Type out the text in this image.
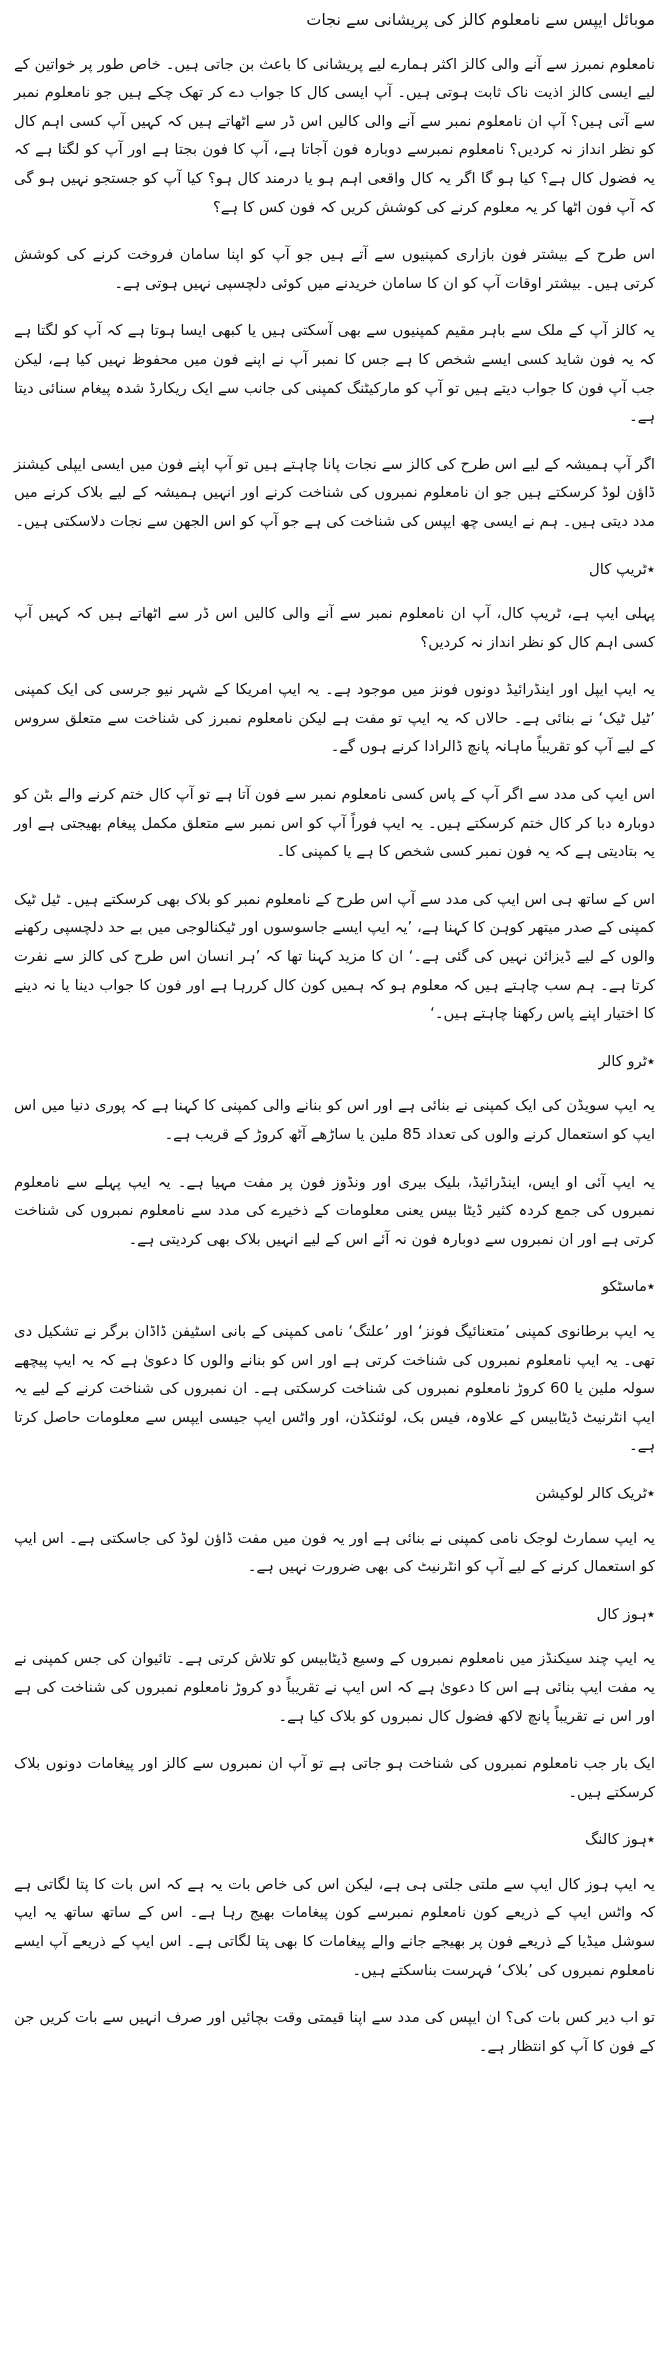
موبائل ایپس سے نامعلوم کالز کی پریشانی سے نجات
نامعلوم نمبرز سے آنے والی کالز اکثر ہمارے لیے پریشانی کا باعث بن جاتی ہیں۔ خاص طور پر خواتین کے لیے ایسی کالز اذیت ناک ثابت ہوتی ہیں۔ آپ ایسی کال کا جواب دے کر تھک چکے ہیں جو نامعلوم نمبر سے آتی ہیں؟ آپ ان نامعلوم نمبر سے آنے والی کالیں اس ڈر سے اٹھاتے ہیں کہ کہیں آپ کسی اہم کال کو نظر انداز نہ کردیں؟ نامعلوم نمبرسے دوبارہ فون آجاتا ہے، آپ کا فون بجتا ہے اور آپ کو لگتا ہے کہ یہ فضول کال ہے؟ کیا ہو گا اگر یہ کال واقعی اہم ہو یا درمند کال ہو؟ کیا آپ کو جستجو نہیں ہو گی کہ آپ فون اٹھا کر یہ معلوم کرنے کی کوشش کریں کہ فون کس کا ہے؟
اس طرح کے بیشتر فون بازاری کمپنیوں سے آتے ہیں جو آپ کو اپنا سامان فروخت کرنے کی کوشش کرتی ہیں۔ بیشتر اوقات آپ کو ان کا سامان خریدنے میں کوئی دلچسپی نہیں ہوتی ہے۔
یہ کالز آپ کے ملک سے باہر مقیم کمپنیوں سے بھی آسکتی ہیں یا کبھی ایسا ہوتا ہے کہ آپ کو لگتا ہے کہ یہ فون شاید کسی ایسے شخص کا ہے جس کا نمبر آپ نے اپنے فون میں محفوظ نہیں کیا ہے، لیکن جب آپ فون کا جواب دیتے ہیں تو آپ کو مارکیٹنگ کمپنی کی جانب سے ایک ریکارڈ شدہ پیغام سنائی دیتا ہے۔
اگر آپ ہمیشہ کے لیے اس طرح کی کالز سے نجات پانا چاہتے ہیں تو آپ اپنے فون میں ایسی ایپلی کیشنز ڈاؤن لوڈ کرسکتے ہیں جو ان نامعلوم نمبروں کی شناخت کرنے اور انہیں ہمیشہ کے لیے بلاک کرنے میں مدد دیتی ہیں۔ ہم نے ایسی چھ ایپس کی شناخت کی ہے جو آپ کو اس الجھن سے نجات دلاسکتی ہیں۔
٭ٹریپ کال
پہلی ایپ ہے، ٹریپ کال، آپ ان نامعلوم نمبر سے آنے والی کالیں اس ڈر سے اٹھاتے ہیں کہ کہیں آپ کسی اہم کال کو نظر انداز نہ کردیں؟
یہ ایپ ایپل اور اینڈرائیڈ دونوں فونز میں موجود ہے۔ یہ ایپ امریکا کے شہر نیو جرسی کی ایک کمپنی ’ٹیل ٹیک‘ نے بنائی ہے۔ حالاں کہ یہ ایپ تو مفت ہے لیکن نامعلوم نمبرز کی شناخت سے متعلق سروس کے لیے آپ کو تقریباً ماہانہ پانچ ڈالرادا کرنے ہوں گے۔
اس ایپ کی مدد سے اگر آپ کے پاس کسی نامعلوم نمبر سے فون آتا ہے تو آپ کال ختم کرنے والے بٹن کو دوبارہ دبا کر کال ختم کرسکتے ہیں۔ یہ ایپ فوراً آپ کو اس نمبر سے متعلق مکمل پیغام بھیجتی ہے اور یہ بتادیتی ہے کہ یہ فون نمبر کسی شخص کا ہے یا کمپنی کا۔
اس کے ساتھ ہی اس ایپ کی مدد سے آپ اس طرح کے نامعلوم نمبر کو بلاک بھی کرسکتے ہیں۔ ٹیل ٹیک کمپنی کے صدر میتھر کوہن کا کہنا ہے، ’یہ ایپ ایسے جاسوسوں اور ٹیکنالوجی میں بے حد دلچسپی رکھنے والوں کے لیے ڈیزائن نہیں کی گئی ہے۔‘ ان کا مزید کہنا تھا کہ ’ہر انسان اس طرح کی کالز سے نفرت کرتا ہے۔ ہم سب چاہتے ہیں کہ معلوم ہو کہ ہمیں کون کال کررہا ہے اور فون کا جواب دینا یا نہ دینے کا اختیار اپنے پاس رکھنا چاہتے ہیں۔‘
٭ٹرو کالر
یہ ایپ سویڈن کی ایک کمپنی نے بنائی ہے اور اس کو بنانے والی کمپنی کا کہنا ہے کہ پوری دنیا میں اس ایپ کو استعمال کرنے والوں کی تعداد 85 ملین یا ساڑھے آٹھ کروڑ کے قریب ہے۔
یہ ایپ آئی او ایس، اینڈرائیڈ، بلیک بیری اور ونڈوز فون پر مفت مہیا ہے۔ یہ ایپ پہلے سے نامعلوم نمبروں کی جمع کردہ کثیر ڈیٹا بیس یعنی معلومات کے ذخیرے کی مدد سے نامعلوم نمبروں کی شناخت کرتی ہے اور ان نمبروں سے دوبارہ فون نہ آئے اس کے لیے انہیں بلاک بھی کردیتی ہے۔
٭ماسٹکو
یہ ایپ برطانوی کمپنی ’متعنائیگ فونز‘ اور ’علتگ‘ نامی کمپنی کے بانی اسٹیفن ڈاڈان برگر نے تشکیل دی تھی۔ یہ ایپ نامعلوم نمبروں کی شناخت کرتی ہے اور اس کو بنانے والوں کا دعویٰ ہے کہ یہ ایپ پیچھے سولہ ملین یا 60 کروڑ نامعلوم نمبروں کی شناخت کرسکتی ہے۔ ان نمبروں کی شناخت کرنے کے لیے یہ ایپ انٹرنیٹ ڈیٹابیس کے علاوہ، فیس بک، لوئنکڈن، اور واٹس ایپ جیسی ایپس سے معلومات حاصل کرتا ہے۔
٭ٹریک کالر لوکیشن
یہ ایپ سمارٹ لوجک نامی کمپنی نے بنائی ہے اور یہ فون میں مفت ڈاؤن لوڈ کی جاسکتی ہے۔ اس ایپ کو استعمال کرنے کے لیے آپ کو انٹرنیٹ کی بھی ضرورت نہیں ہے۔
٭ہوز کال
یہ ایپ چند سیکنڈز میں نامعلوم نمبروں کے وسیع ڈیٹابیس کو تلاش کرتی ہے۔ تائیوان کی جس کمپنی نے یہ مفت ایپ بنائی ہے اس کا دعویٰ ہے کہ اس ایپ نے تقریباً دو کروڑ نامعلوم نمبروں کی شناخت کی ہے اور اس نے تقریباً پانچ لاکھ فضول کال نمبروں کو بلاک کیا ہے۔
ایک بار جب نامعلوم نمبروں کی شناخت ہو جاتی ہے تو آپ ان نمبروں سے کالز اور پیغامات دونوں بلاک کرسکتے ہیں۔
٭ہوز کالنگ
یہ ایپ ہوز کال ایپ سے ملتی جلتی ہی ہے، لیکن اس کی خاص بات یہ ہے کہ اس بات کا پتا لگاتی ہے کہ واٹس ایپ کے ذریعے کون نامعلوم نمبرسے کون پیغامات بھیج رہا ہے۔ اس کے ساتھ ساتھ یہ ایپ سوشل میڈیا کے ذریعے فون پر بھیجے جانے والے پیغامات کا بھی پتا لگاتی ہے۔ اس ایپ کے ذریعے آپ ایسے نامعلوم نمبروں کی ’بلاک‘ فہرست بناسکتے ہیں۔
تو اب دیر کس بات کی؟ ان ایپس کی مدد سے اپنا قیمتی وقت بچائیں اور صرف انہیں سے بات کریں جن کے فون کا آپ کو انتظار ہے۔
